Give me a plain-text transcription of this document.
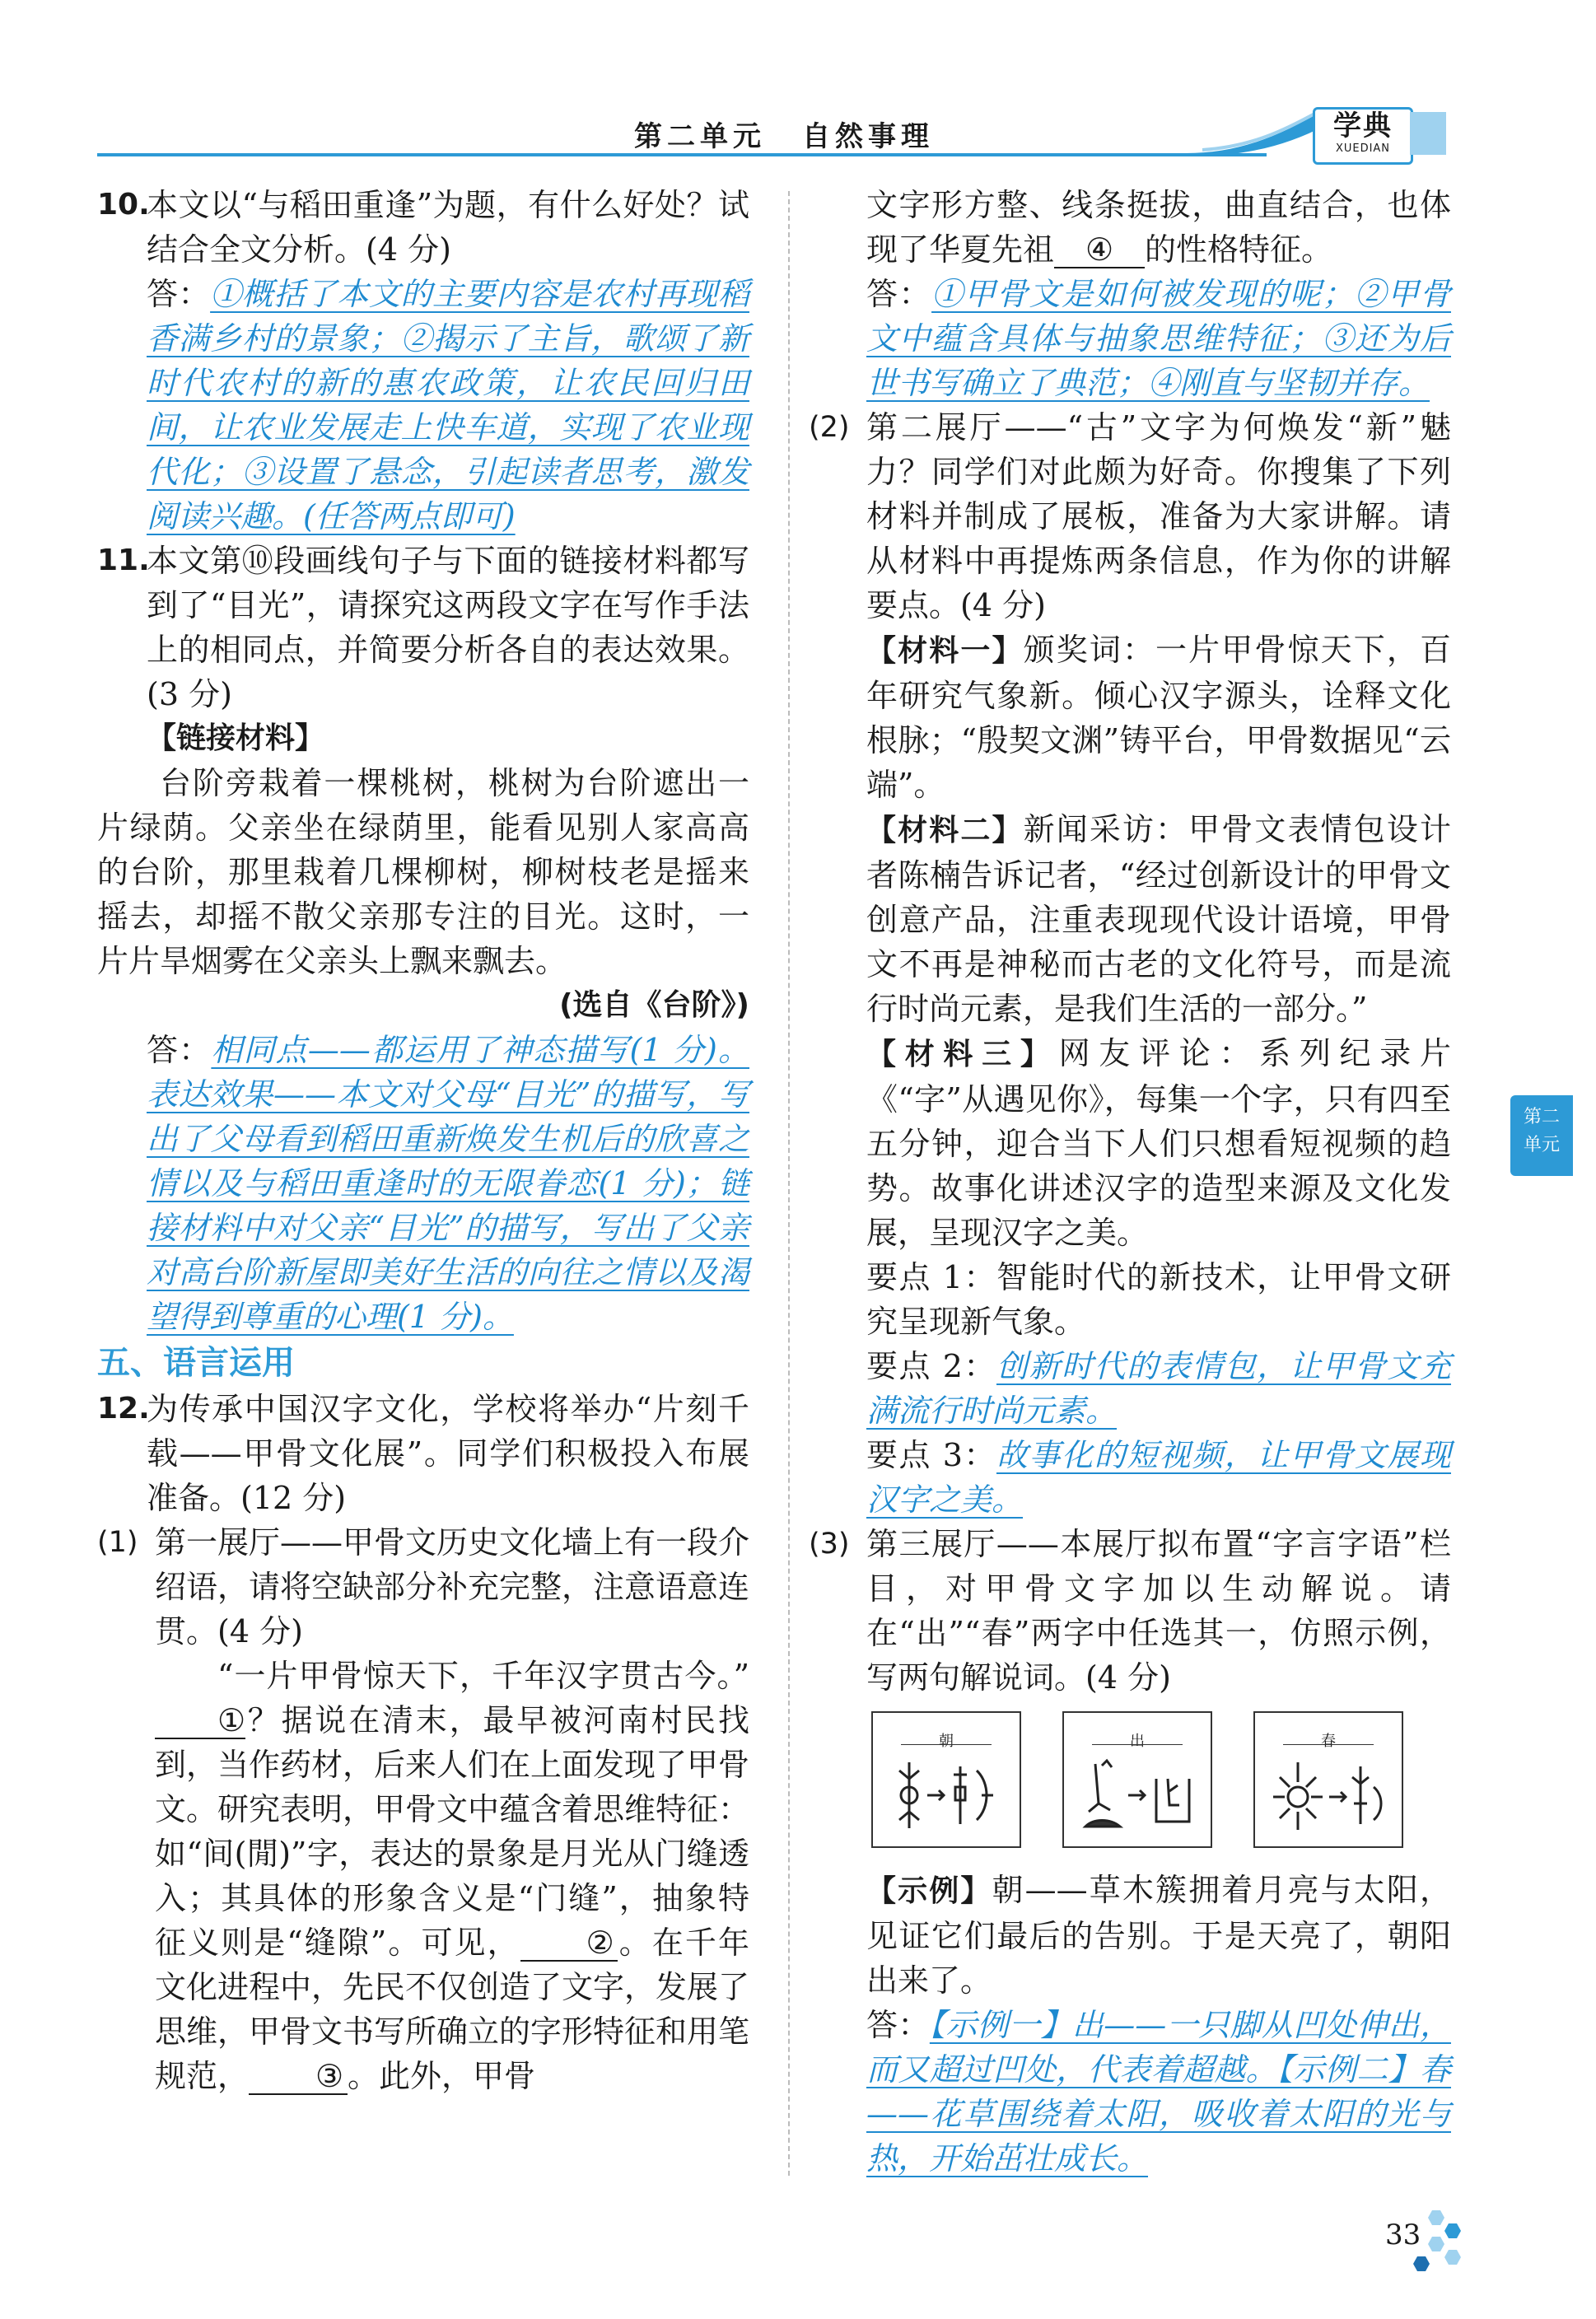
第二单元 自然事理	学典
XUEDIAN
10.

本文以“与稻田重逢”为题，有什么好处？试结合全文分析。(4 分)

答：①概括了本文的主要内容是农村再现稻香满乡村的景象；②揭示了主旨，歌颂了新时代农村的新的惠农政策，让农民回归田间，让农业发展走上快车道，实现了农业现代化；③设置了悬念，引起读者思考，激发阅读兴趣。(任答两点即可)

11.

本文第⑩段画线句子与下面的链接材料都写到了“目光”，请探究这两段文字在写作手法上的相同点，并简要分析各自的表达效果。(3 分)

【链接材料】

台阶旁栽着一棵桃树，桃树为台阶遮出一片绿荫。父亲坐在绿荫里，能看见别人家高高的台阶，那里栽着几棵柳树，柳树枝老是摇来摇去，却摇不散父亲那专注的目光。这时，一片片旱烟雾在父亲头上飘来飘去。

(选自《台阶》)

答：相同点——都运用了神态描写(1 分)。表达效果——本文对父母“目光”的描写，写出了父母看到稻田重新焕发生机后的欣喜之情以及与稻田重逢时的无限眷恋(1 分)；链接材料中对父亲“目光”的描写，写出了父亲对高台阶新屋即美好生活的向往之情以及渴望得到尊重的心理(1 分)。

五、语言运用

12.

为传承中国汉字文化，学校将举办“片刻千载——甲骨文化展”。同学们积极投入布展准备。(12 分)

(1) 第一展厅——甲骨文历史文化墙上有一段介绍语，请将空缺部分补充完整，注意语意连贯。(4 分)

“一片甲骨惊天下，千年汉字贯古今。”①？据说在清末，最早被河南村民找到，当作药材，后来人们在上面发现了甲骨文。研究表明，甲骨文中蕴含着思维特征：如“间(閒)”字，表达的景象是月光从门缝透入；其具体的形象含义是“门缝”，抽象特征义则是“缝隙”。可见， ② 。在千年文化进程中，先民不仅创造了文字，发展了思维，甲骨文书写所确立的字形特征和用笔规范， ③ 。此外，甲骨

文字形方整、线条挺拔，曲直结合，也体现了华夏先祖 ④ 的性格特征。

答：①甲骨文是如何被发现的呢；②甲骨文中蕴含具体与抽象思维特征；③还为后世书写确立了典范；④刚直与坚韧并存。

(2) 第二展厅——“古”文字为何焕发“新”魅力？同学们对此颇为好奇。你搜集了下列材料并制成了展板，准备为大家讲解。请从材料中再提炼两条信息，作为你的讲解要点。(4 分)

【材料一】颁奖词：一片甲骨惊天下，百年研究气象新。倾心汉字源头，诠释文化根脉；“殷契文渊”铸平台，甲骨数据见“云端”。

【材料二】新闻采访：甲骨文表情包设计者陈楠告诉记者，“经过创新设计的甲骨文创意产品，注重表现现代设计语境，甲骨文不再是神秘而古老的文化符号，而是流行时尚元素，是我们生活的一部分。”

【材料三】网友评论：系列纪录片《“字”从遇见你》，每集一个字，只有四至五分钟，迎合当下人们只想看短视频的趋势。故事化讲述汉字的造型来源及文化发展，呈现汉字之美。

要点 1：智能时代的新技术，让甲骨文研究呈现新气象。

要点 2：创新时代的表情包，让甲骨文充满流行时尚元素。

要点 3：故事化的短视频，让甲骨文展现汉字之美。

(3) 第三展厅——本展厅拟布置“字言字语”栏目，对甲骨文字加以生动解说。请在“出”“春”两字中任选其一，仿照示例，写两句解说词。(4 分)

朝	出	春

【示例】朝——草木簇拥着月亮与太阳，见证它们最后的告别。于是天亮了，朝阳出来了。

答：【示例一】出——一只脚从凹处伸出，而又超过凹处，代表着超越。【示例二】春——花草围绕着太阳，吸收着太阳的光与热，开始茁壮成长。

第二
单元
33
